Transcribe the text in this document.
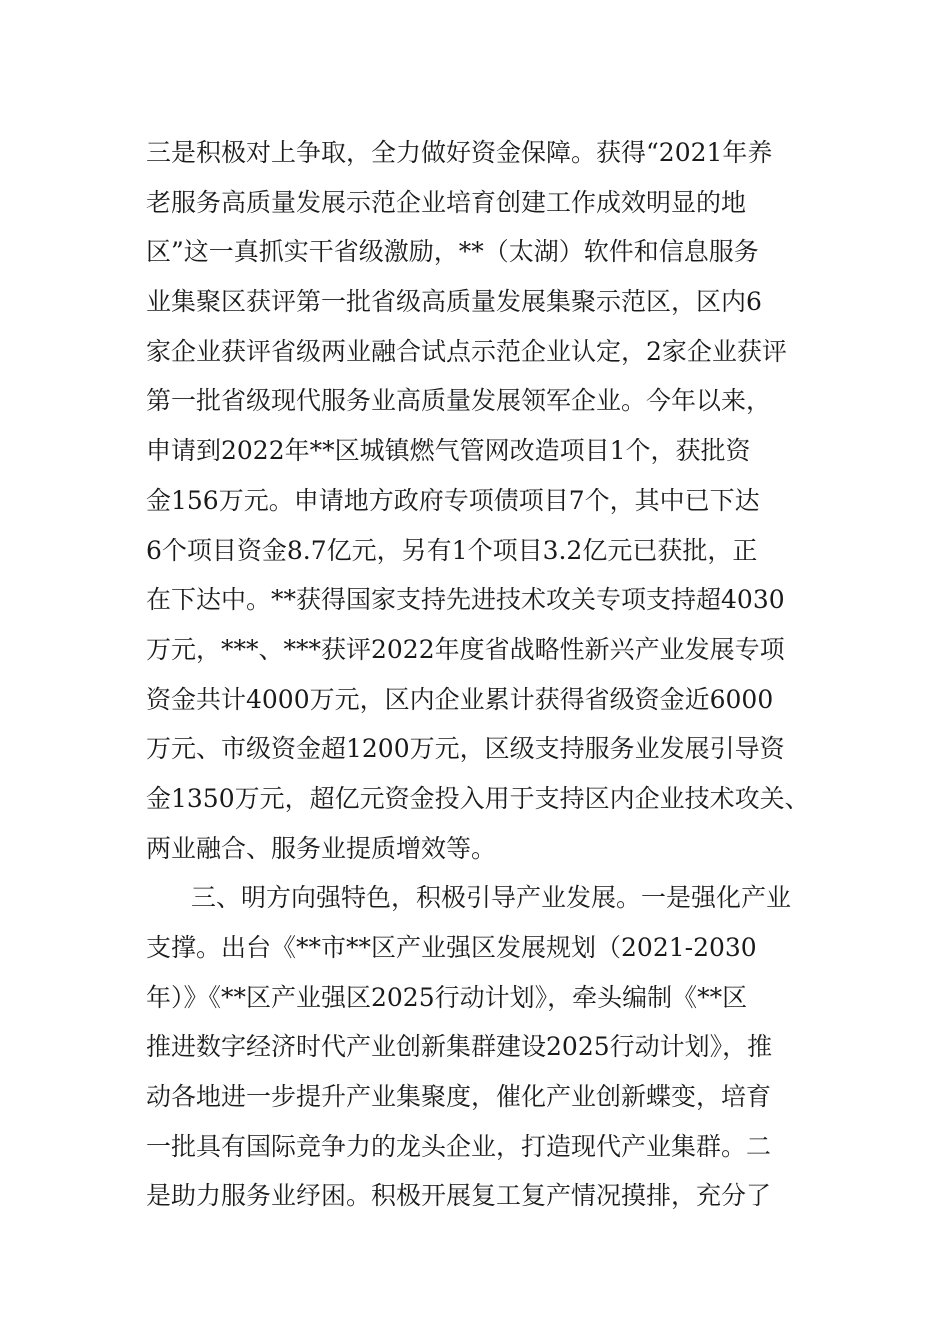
三是积极对上争取，全力做好资金保障。获得“2021年养
老服务高质量发展示范企业培育创建工作成效明显的地
区”这一真抓实干省级激励，**（太湖）软件和信息服务
业集聚区获评第一批省级高质量发展集聚示范区，区内6
家企业获评省级两业融合试点示范企业认定，2家企业获评
第一批省级现代服务业高质量发展领军企业。今年以来，
申请到2022年**区城镇燃气管网改造项目1个，获批资
金156万元。申请地方政府专项债项目7个，其中已下达
6个项目资金8.7亿元，另有1个项目3.2亿元已获批，正
在下达中。**获得国家支持先进技术攻关专项支持超4030
万元，***、***获评2022年度省战略性新兴产业发展专项
资金共计4000万元，区内企业累计获得省级资金近6000
万元、市级资金超1200万元，区级支持服务业发展引导资
金1350万元，超亿元资金投入用于支持区内企业技术攻关、
两业融合、服务业提质增效等。
三、明方向强特色，积极引导产业发展。一是强化产业
支撑。出台《**市**区产业强区发展规划（2021-2030
年）》《**区产业强区2025行动计划》，牵头编制《**区
推进数字经济时代产业创新集群建设2025行动计划》，推
动各地进一步提升产业集聚度，催化产业创新蝶变，培育
一批具有国际竞争力的龙头企业，打造现代产业集群。二
是助力服务业纾困。积极开展复工复产情况摸排，充分了
